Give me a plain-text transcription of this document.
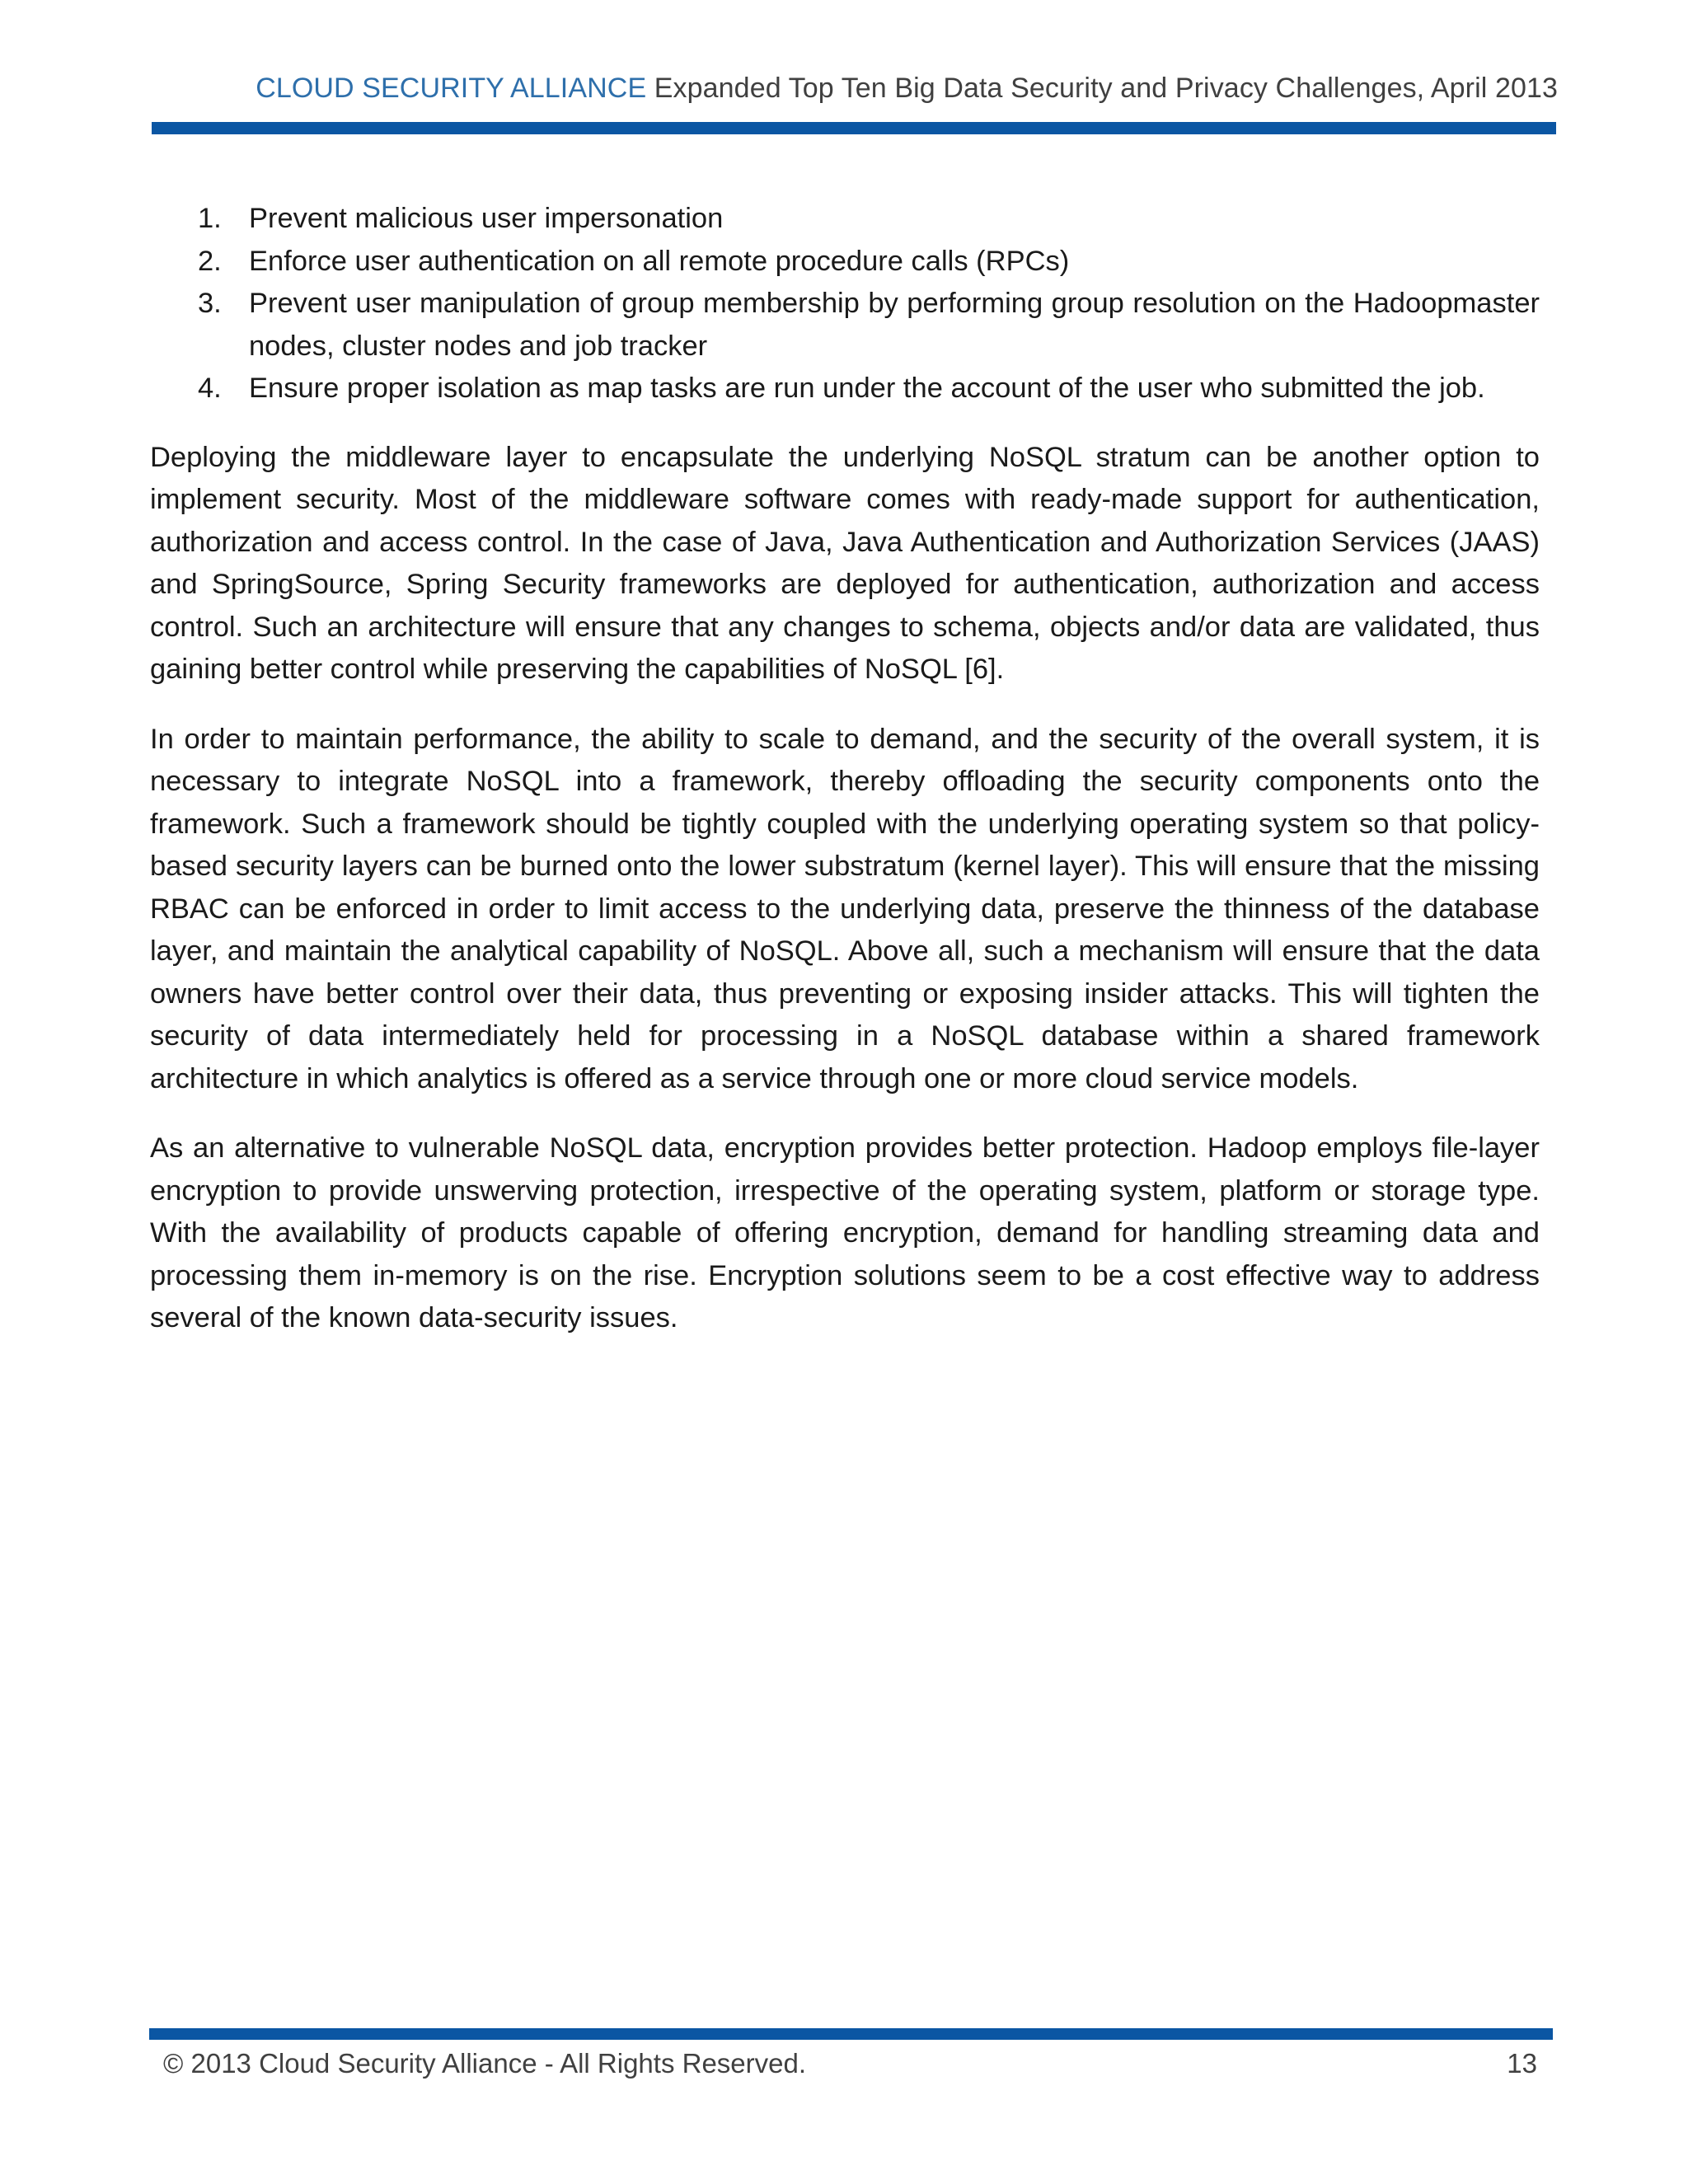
CLOUD SECURITY ALLIANCE Expanded Top Ten Big Data Security and Privacy Challenges, April 2013
1. Prevent malicious user impersonation
2. Enforce user authentication on all remote procedure calls (RPCs)
3. Prevent user manipulation of group membership by performing group resolution on the Hadoopmaster nodes, cluster nodes and job tracker
4. Ensure proper isolation as map tasks are run under the account of the user who submitted the job.

Deploying the middleware layer to encapsulate the underlying NoSQL stratum can be another option to implement security. Most of the middleware software comes with ready-made support for authentication, authorization and access control. In the case of Java, Java Authentication and Authorization Services (JAAS) and SpringSource, Spring Security frameworks are deployed for authentication, authorization and access control. Such an architecture will ensure that any changes to schema, objects and/or data are validated, thus gaining better control while preserving the capabilities of NoSQL [6].

In order to maintain performance, the ability to scale to demand, and the security of the overall system, it is necessary to integrate NoSQL into a framework, thereby offloading the security components onto the framework. Such a framework should be tightly coupled with the underlying operating system so that policy-based security layers can be burned onto the lower substratum (kernel layer). This will ensure that the missing RBAC can be enforced in order to limit access to the underlying data, preserve the thinness of the database layer, and maintain the analytical capability of NoSQL. Above all, such a mechanism will ensure that the data owners have better control over their data, thus preventing or exposing insider attacks. This will tighten the security of data intermediately held for processing in a NoSQL database within a shared framework architecture in which analytics is offered as a service through one or more cloud service models.

As an alternative to vulnerable NoSQL data, encryption provides better protection. Hadoop employs file-layer encryption to provide unswerving protection, irrespective of the operating system, platform or storage type. With the availability of products capable of offering encryption, demand for handling streaming data and processing them in-memory is on the rise. Encryption solutions seem to be a cost effective way to address several of the known data-security issues.

© 2013 Cloud Security Alliance - All Rights Reserved.	13
